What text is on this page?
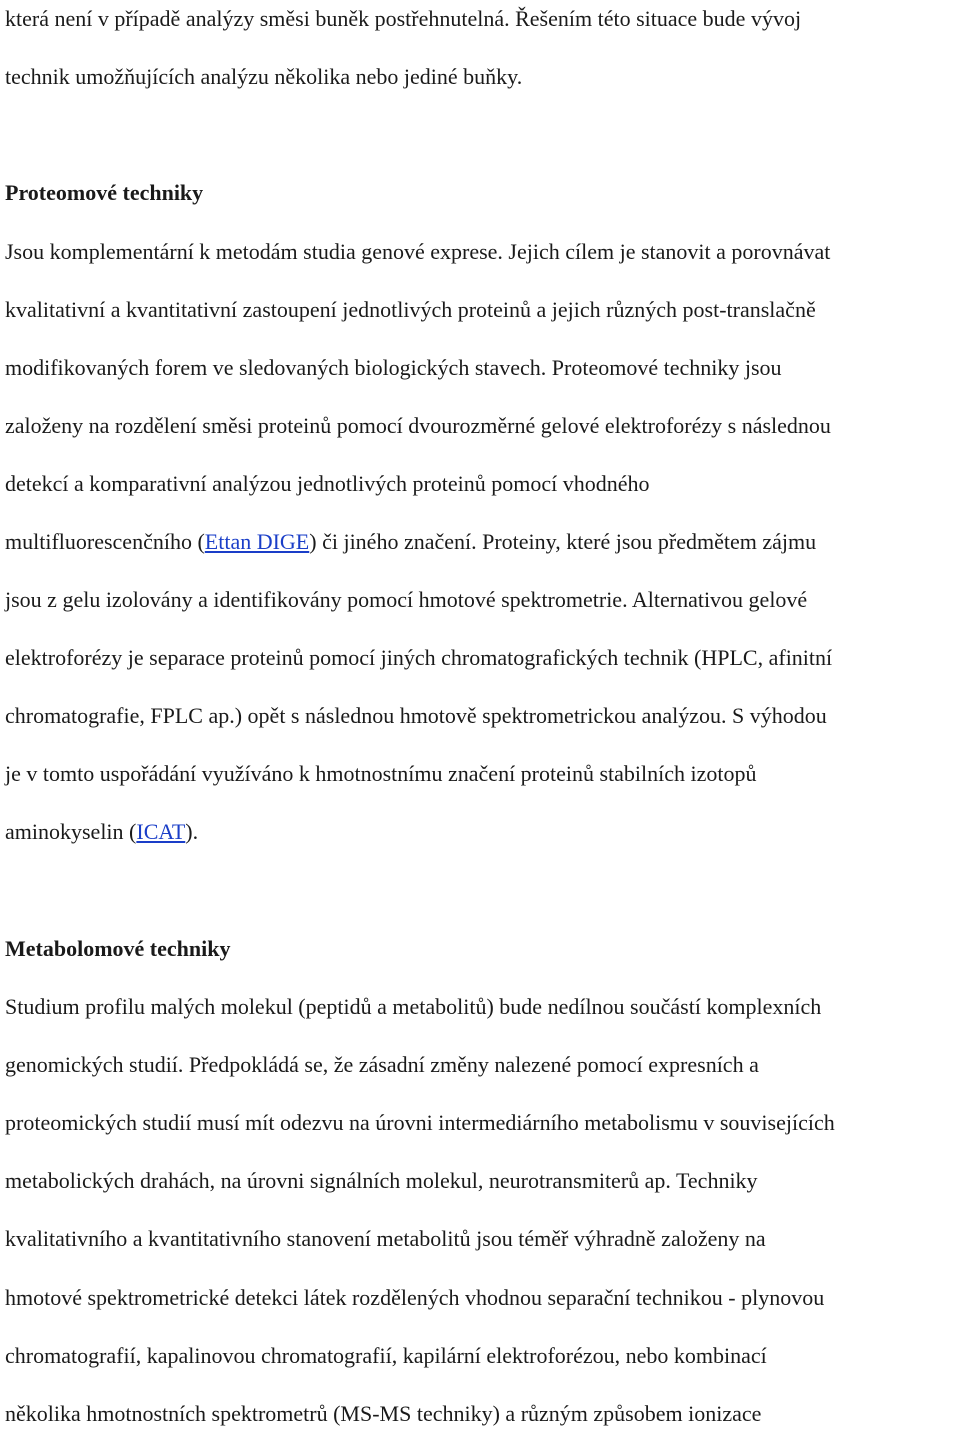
která není v případě analýzy směsi buněk postřehnutelná. Řešením této situace bude vývoj
technik umožňujících analýzu několika nebo jediné buňky.
Proteomové techniky
Jsou komplementární k metodám studia genové exprese. Jejich cílem je stanovit a porovnávat
kvalitativní a kvantitativní zastoupení jednotlivých proteinů a jejich různých post-translačně
modifikovaných forem ve sledovaných biologických stavech. Proteomové techniky jsou
založeny na rozdělení směsi proteinů pomocí dvourozměrné gelové elektroforézy s následnou
detekcí a komparativní analýzou jednotlivých proteinů pomocí vhodného
multifluorescenčního (Ettan DIGE) či jiného značení. Proteiny, které jsou předmětem zájmu
jsou z gelu izolovány a identifikovány pomocí hmotové spektrometrie. Alternativou gelové
elektroforézy je separace proteinů pomocí jiných chromatografických technik (HPLC, afinitní
chromatografie, FPLC ap.) opět s následnou hmotově spektrometrickou analýzou. S výhodou
je v tomto uspořádání využíváno k hmotnostnímu značení proteinů stabilních izotopů
aminokyselin (ICAT).
Metabolomové techniky
Studium profilu malých molekul (peptidů a metabolitů) bude nedílnou součástí komplexních
genomických studií. Předpokládá se, že zásadní změny nalezené pomocí expresních a
proteomických studií musí mít odezvu na úrovni intermediárního metabolismu v souvisejících
metabolických drahách, na úrovni signálních molekul, neurotransmiterů ap. Techniky
kvalitativního a kvantitativního stanovení metabolitů jsou téměř výhradně založeny na
hmotové spektrometrické detekci látek rozdělených vhodnou separační technikou - plynovou
chromatografií, kapalinovou chromatografií, kapilární elektroforézou, nebo kombinací
několika hmotnostních spektrometrů (MS-MS techniky) a různým způsobem ionizace
